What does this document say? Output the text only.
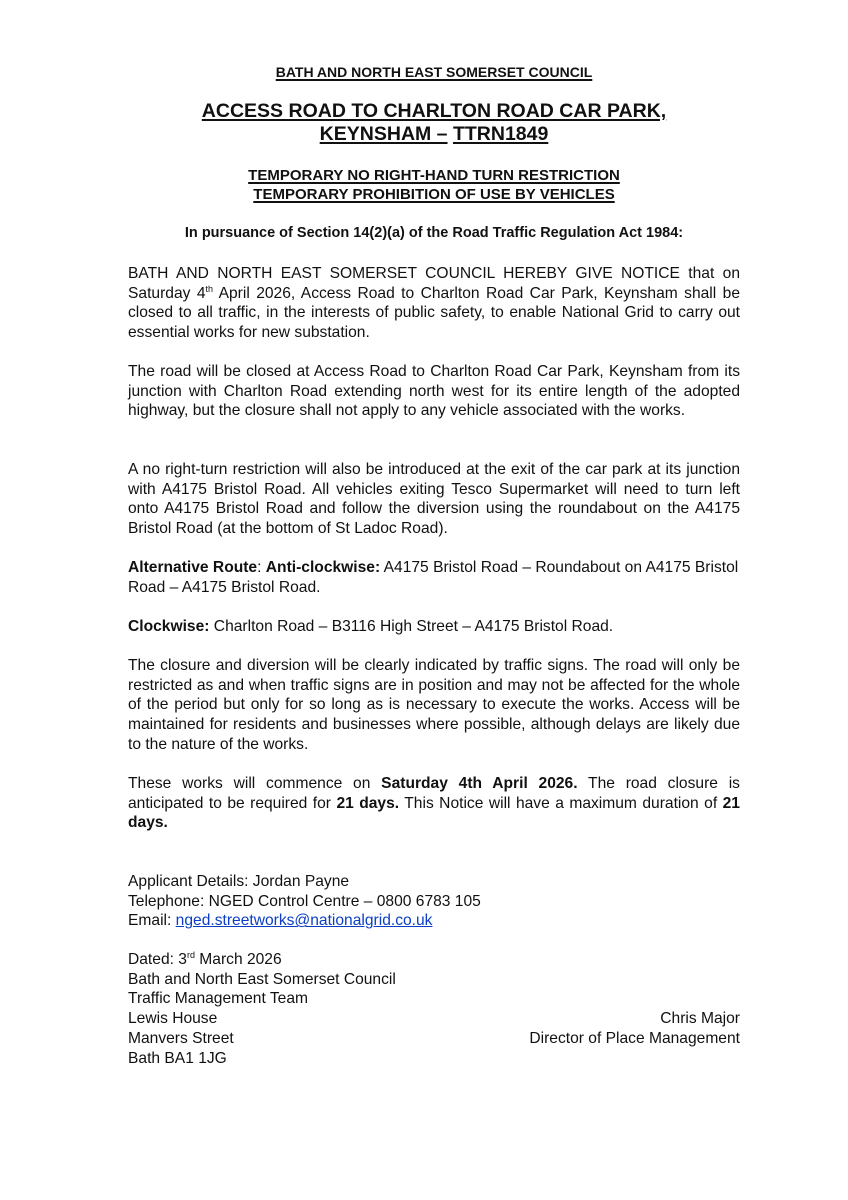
BATH AND NORTH EAST SOMERSET COUNCIL
ACCESS ROAD TO CHARLTON ROAD CAR PARK,
KEYNSHAM – TTRN1849
TEMPORARY NO RIGHT-HAND TURN RESTRICTION
TEMPORARY PROHIBITION OF USE BY VEHICLES
In pursuance of Section 14(2)(a) of the Road Traffic Regulation Act 1984:
BATH AND NORTH EAST SOMERSET COUNCIL HEREBY GIVE NOTICE that on Saturday 4th April 2026, Access Road to Charlton Road Car Park, Keynsham shall be closed to all traffic, in the interests of public safety, to enable National Grid to carry out essential works for new substation.
The road will be closed at Access Road to Charlton Road Car Park, Keynsham from its junction with Charlton Road extending north west for its entire length of the adopted highway, but the closure shall not apply to any vehicle associated with the works.
A no right-turn restriction will also be introduced at the exit of the car park at its junction with A4175 Bristol Road. All vehicles exiting Tesco Supermarket will need to turn left onto A4175 Bristol Road and follow the diversion using the roundabout on the A4175 Bristol Road (at the bottom of St Ladoc Road).
Alternative Route: Anti-clockwise: A4175 Bristol Road – Roundabout on A4175 Bristol Road – A4175 Bristol Road.
Clockwise: Charlton Road – B3116 High Street – A4175 Bristol Road.
The closure and diversion will be clearly indicated by traffic signs. The road will only be restricted as and when traffic signs are in position and may not be affected for the whole of the period but only for so long as is necessary to execute the works. Access will be maintained for residents and businesses where possible, although delays are likely due to the nature of the works.
These works will commence on Saturday 4th April 2026. The road closure is anticipated to be required for 21 days. This Notice will have a maximum duration of 21 days.
Applicant Details: Jordan Payne
Telephone: NGED Control Centre – 0800 6783 105
Email: nged.streetworks@nationalgrid.co.uk
Dated: 3rd March 2026
Bath and North East Somerset Council
Traffic Management Team
Lewis House
Manvers Street
Bath BA1 1JG
Chris Major
Director of Place Management
